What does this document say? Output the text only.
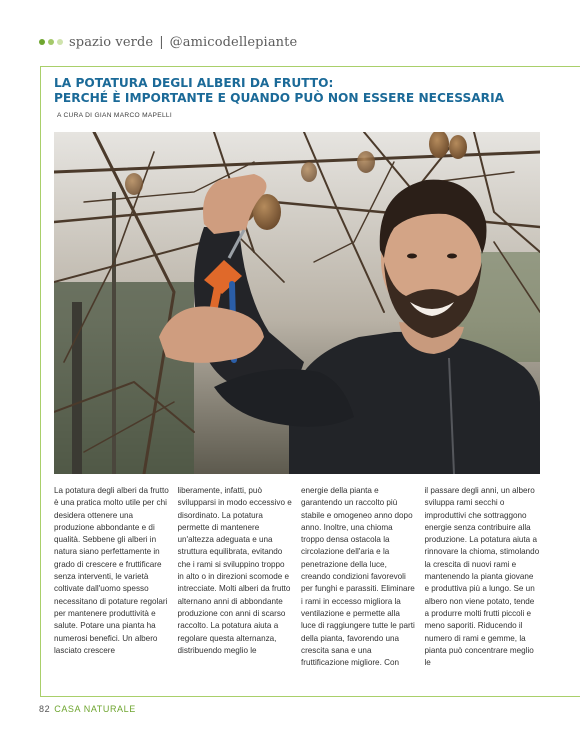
spazio verde | @amicodellepiante
LA POTATURA DEGLI ALBERI DA FRUTTO:
PERCHÉ È IMPORTANTE E QUANDO PUÒ NON ESSERE NECESSARIA
A CURA DI GIAN MARCO MAPELLI

La potatura degli alberi da frutto è una pratica molto utile per chi desidera ottenere una produzione abbondante e di qualità. Sebbene gli alberi in natura siano perfettamente in grado di crescere e fruttificare senza interventi, le varietà coltivate dall'uomo spesso necessitano di potature regolari per mantenere produttività e salute. Potare una pianta ha numerosi benefici. Un albero lasciato crescere

liberamente, infatti, può svilupparsi in modo eccessivo e disordinato. La potatura permette di mantenere un'altezza adeguata e una struttura equilibrata, evitando che i rami si sviluppino troppo in alto o in direzioni scomode e intrecciate. Molti alberi da frutto alternano anni di abbondante produzione con anni di scarso raccolto. La potatura aiuta a regolare questa alternanza, distribuendo meglio le

energie della pianta e garantendo un raccolto più stabile e omogeneo anno dopo anno. Inoltre, una chioma troppo densa ostacola la circolazione dell'aria e la penetrazione della luce, creando condizioni favorevoli per funghi e parassiti. Eliminare i rami in eccesso migliora la ventilazione e permette alla luce di raggiungere tutte le parti della pianta, favorendo una crescita sana e una fruttificazione migliore. Con

il passare degli anni, un albero sviluppa rami secchi o improduttivi che sottraggono energie senza contribuire alla produzione. La potatura aiuta a rinnovare la chioma, stimolando la crescita di nuovi rami e mantenendo la pianta giovane e produttiva più a lungo. Se un albero non viene potato, tende a produrre molti frutti piccoli e meno saporiti. Riducendo il numero di rami e gemme, la pianta può concentrare meglio le

82 CASA NATURALE
